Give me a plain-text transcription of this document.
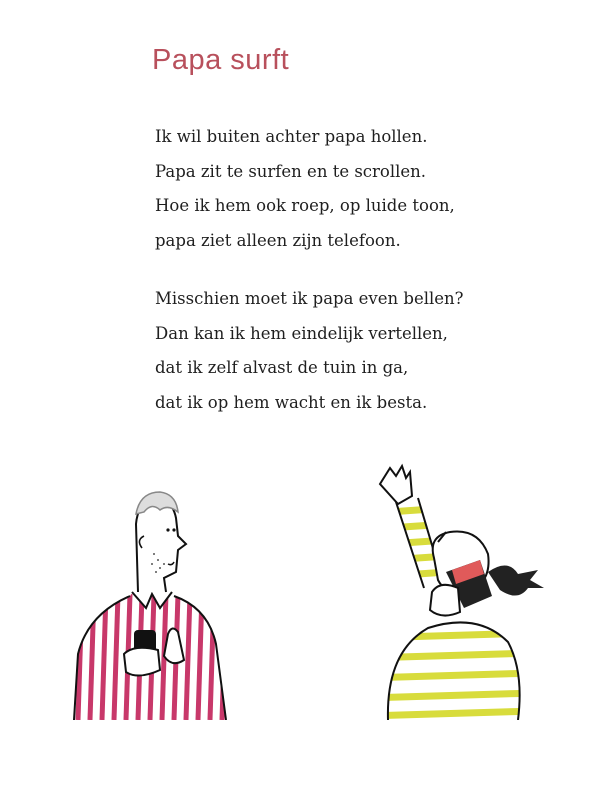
Papa surft

Ik wil buiten achter papa hollen.
Papa zit te surfen en te scrollen.
Hoe ik hem ook roep, op luide toon,
papa ziet alleen zijn telefoon.

Misschien moet ik papa even bellen?
Dan kan ik hem eindelijk vertellen,
dat ik zelf alvast de tuin in ga,
dat ik op hem wacht en ik besta.
